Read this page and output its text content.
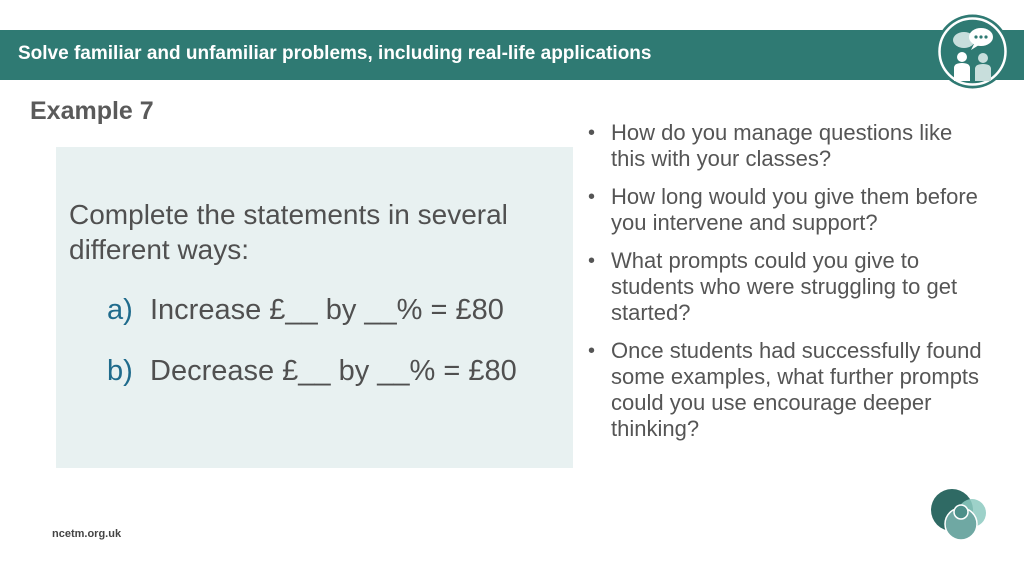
Solve familiar and unfamiliar problems, including real-life applications
Example 7
Complete the statements in several different ways:
a) Increase £__ by __% = £80
b) Decrease £__ by __% = £80
• How do you manage questions like this with your classes?
• How long would you give them before you intervene and support?
• What prompts could you give to students who were struggling to get started?
• Once students had successfully found some examples, what further prompts could you use encourage deeper thinking?
ncetm.org.uk
